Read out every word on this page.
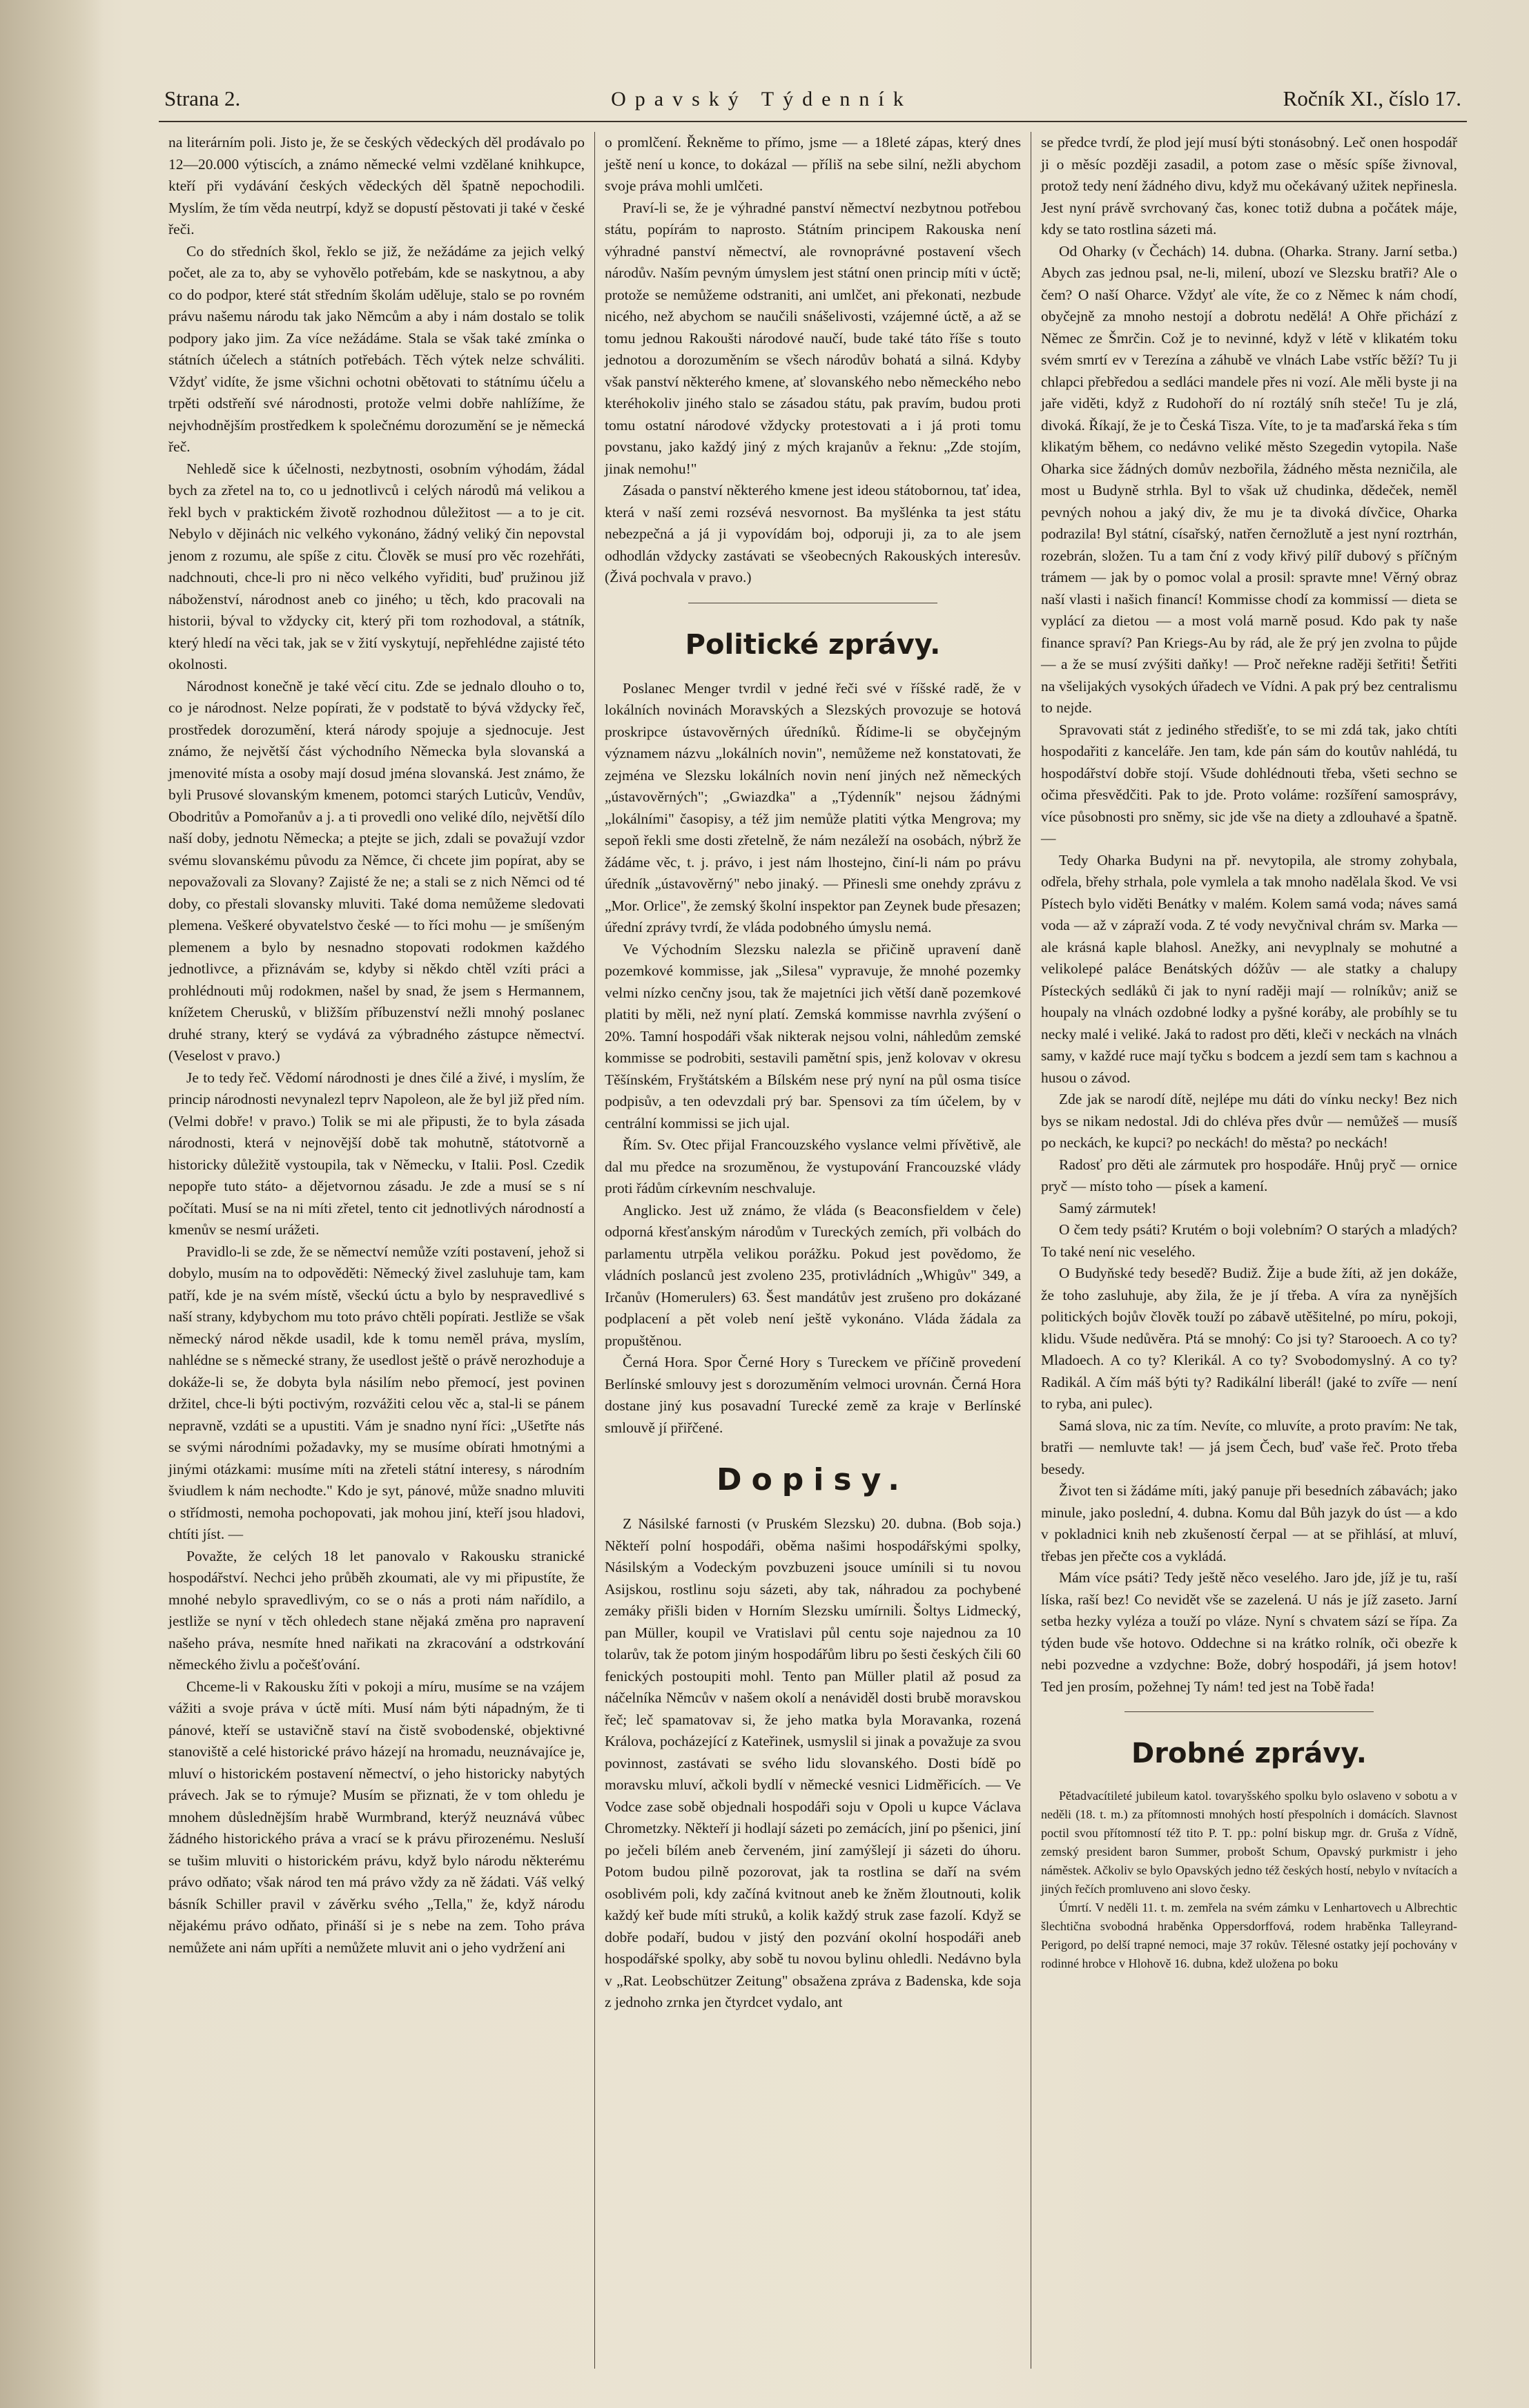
Strana 2.	Opavský Týdenník	Ročník XI., číslo 17.

na literárním poli. Jisto je, že se českých vědeckých děl prodávalo po 12—20.000 výtiscích, a známo německé velmi vzdělané knihkupce, kteří při vydávání českých vědeckých děl špatně nepochodili. Myslím, že tím věda neutrpí, když se dopustí pěstovati ji také v české řeči.

Co do středních škol, řeklo se již, že nežádáme za jejich velký počet, ale za to, aby se vyhovělo potřebám, kde se naskytnou, a aby co do podpor, které stát středním školám uděluje, stalo se po rovném právu našemu národu tak jako Němcům a aby i nám dostalo se tolik podpory jako jim. Za více nežádáme. Stala se však také zmínka o státních účelech a státních potřebách. Těch výtek nelze schváliti. Vždyť vidíte, že jsme všichni ochotni obětovati to státnímu účelu a trpěti odstřeňí své národnosti, protože velmi dobře nahlížíme, že nejvhodnějším prostředkem k společnému dorozumění se je německá řeč.

Nehledě sice k účelnosti, nezbytnosti, osobním výhodám, žádal bych za zřetel na to, co u jednotlivců i celých národů má velikou a řekl bych v praktickém životě rozhodnou důležitost — a to je cit. Nebylo v dějinách nic velkého vykonáno, žádný veliký čin nepovstal jenom z rozumu, ale spíše z citu. Člověk se musí pro věc rozehřáti, nadchnouti, chce-li pro ni něco velkého vyřiditi, buď pružinou již náboženství, národnost aneb co jiného; u těch, kdo pracovali na historii, býval to vždycky cit, který při tom rozhodoval, a státník, který hledí na věci tak, jak se v žití vyskytují, nepřehlédne zajisté této okolnosti.

Národnost konečně je také věcí citu. Zde se jednalo dlouho o to, co je národnost. Nelze popírati, že v podstatě to bývá vždycky řeč, prostředek dorozumění, která národy spojuje a sjednocuje. Jest známo, že největší část východního Německa byla slovanská a jmenovité místa a osoby mají dosud jména slovanská. Jest známo, že byli Prusové slovanským kmenem, potomci starých Luticův, Vendův, Obodritův a Pomořanův a j. a ti provedli ono veliké dílo, největší dílo naší doby, jednotu Německa; a ptejte se jich, zdali se považují vzdor svému slovanskému původu za Němce, či chcete jim popírat, aby se nepovažovali za Slovany? Zajisté že ne; a stali se z nich Němci od té doby, co přestali slovansky mluviti. Také doma nemůžeme sledovati plemena. Veškeré obyvatelstvo české — to říci mohu — je smíšeným plemenem a bylo by nesnadno stopovati rodokmen každého jednotlivce, a přiznávám se, kdyby si někdo chtěl vzíti práci a prohlédnouti můj rodokmen, našel by snad, že jsem s Hermannem, knížetem Cherusků, v bližším příbuzenství nežli mnohý poslanec druhé strany, který se vydává za výbradného zástupce němectví. (Veselost v pravo.)

Je to tedy řeč. Vědomí národnosti je dnes čilé a živé, i myslím, že princip národnosti nevynalezl teprv Napoleon, ale že byl již před ním. (Velmi dobře! v pravo.) Tolik se mi ale připusti, že to byla zásada národnosti, která v nejnovější době tak mohutně, státotvorně a historicky důležitě vystoupila, tak v Německu, v Italii. Posl. Czedik nepopře tuto státo- a dějetvornou zásadu. Je zde a musí se s ní počítati. Musí se na ni míti zřetel, tento cit jednotlivých národností a kmenův se nesmí urážeti.

Pravidlo-li se zde, že se němectví nemůže vzíti postavení, jehož si dobylo, musím na to odpověděti: Německý živel zasluhuje tam, kam patří, kde je na svém místě, všeckú úctu a bylo by nespravedlivé s naší strany, kdybychom mu toto právo chtěli popírati. Jestliže se však německý národ někde usadil, kde k tomu neměl práva, myslím, nahlédne se s německé strany, že usedlost ještě o právě nerozhoduje a dokáže-li se, že dobyta byla násilím nebo přemocí, jest povinen držitel, chce-li býti poctivým, rozvážiti celou věc a, stal-li se pánem nepravně, vzdáti se a upustiti. Vám je snadno nyní říci: „Ušetřte nás se svými národními požadavky, my se musíme obírati hmotnými a jinými otázkami: musíme míti na zřeteli státní interesy, s národním šviudlem k nám nechodte." Kdo je syt, pánové, může snadno mluviti o střídmosti, nemoha pochopovati, jak mohou jiní, kteří jsou hladovi, chtíti jíst. —

Považte, že celých 18 let panovalo v Rakousku stranické hospodářství. Nechci jeho průběh zkoumati, ale vy mi připustíte, že mnohé nebylo spravedlivým, co se o nás a proti nám nařídilo, a jestliže se nyní v těch ohledech stane nějaká změna pro napravení našeho práva, nesmíte hned nařikati na zkracování a odstrkování německého živlu a počešťování.

Chceme-li v Rakousku žíti v pokoji a míru, musíme se na vzájem vážiti a svoje práva v úctě míti. Musí nám býti nápadným, že ti pánové, kteří se ustavičně staví na čistě svobodenské, objektivné stanoviště a celé historické právo házejí na hromadu, neuznávajíce je, mluví o historickém postavení němectví, o jeho historicky nabytých právech. Jak se to rýmuje? Musím se přiznati, že v tom ohledu je mnohem důslednějším hrabě Wurmbrand, kterýž neuznává vůbec žádného historického práva a vrací se k právu přirozenému. Nesluší se tušim mluviti o historickém právu, když bylo národu některému právo odňato; však národ ten má právo vždy za ně žádati. Váš velký básník Schiller pravil v závěrku svého „Tella," že, když národu nějakému právo odňato, přináší si je s nebe na zem. Toho práva nemůžete ani nám upříti a nemůžete mluvit ani o jeho vydržení ani

o promlčení. Řekněme to přímo, jsme — a 18leté zápas, který dnes ještě není u konce, to dokázal — příliš na sebe silní, nežli abychom svoje práva mohli umlčeti.

Praví-li se, že je výhradné panství němectví nezbytnou potřebou státu, popírám to naprosto. Státním principem Rakouska není výhradné panství němectví, ale rovnoprávné postavení všech národův. Naším pevným úmyslem jest státní onen princip míti v úctě; protože se nemůžeme odstraniti, ani umlčet, ani překonati, nezbude nicého, než abychom se naučili snášelivosti, vzájemné úctě, a až se tomu jednou Rakoušti národové naučí, bude také táto říše s touto jednotou a dorozuměním se všech národův bohatá a silná. Kdyby však panství některého kmene, ať slovanského nebo německého nebo kteréhokoliv jiného stalo se zásadou státu, pak pravím, budou proti tomu ostatní národové vždycky protestovati a i já proti tomu povstanu, jako každý jiný z mých krajanův a řeknu: „Zde stojím, jinak nemohu!"

Zásada o panství některého kmene jest ideou státobornou, tať idea, která v naší zemi rozsévá nesvornost. Ba myšlénka ta jest státu nebezpečná a já ji vypovídám boj, odporuji ji, za to ale jsem odhodlán vždycky zastávati se všeobecných Rakouských interesův. (Živá pochvala v pravo.)

Politické zprávy.

Poslanec Menger tvrdil v jedné řeči své v říšské radě, že v lokálních novinách Moravských a Slezských provozuje se hotová proskripce ústavověrných úředníků. Řídime-li se obyčejným významem názvu „lokálních novin", nemůžeme než konstatovati, že zejména ve Slezsku lokálních novin není jiných než německých „ústavověrných"; „Gwiazdka" a „Týdenník" nejsou žádnými „lokálními" časopisy, a též jim nemůže platiti výtka Mengrova; my sepoň řekli sme dosti zřetelně, že nám nezáleží na osobách, nýbrž že žádáme věc, t. j. právo, i jest nám lhostejno, činí-li nám po právu úředník „ústavověrný" nebo jinaký. — Přinesli sme onehdy zprávu z „Mor. Orlice", že zemský školní inspektor pan Zeynek bude přesazen; úřední zprávy tvrdí, že vláda podobného úmyslu nemá.

Ve Východním Slezsku nalezla se přičině upravení daně pozemkové kommisse, jak „Silesa" vypravuje, že mnohé pozemky velmi nízko cenčny jsou, tak že majetníci jich větší daně pozemkové platiti by měli, než nyní platí. Zemská kommisse navrhla zvýšení o 20%. Tamní hospodáři však nikterak nejsou volni, náhledům zemské kommisse se podrobiti, sestavili pamětní spis, jenž kolovav v okresu Těšínském, Fryštátském a Bílském nese prý nyní na půl osma tisíce podpisův, a ten odevzdali prý bar. Spensovi za tím účelem, by v centrální kommissi se jich ujal.

Řím. Sv. Otec přijal Francouzského vyslance velmi přívětivě, ale dal mu předce na srozuměnou, že vystupování Francouzské vlády proti řádům církevním neschvaluje.

Anglicko. Jest už známo, že vláda (s Beaconsfieldem v čele) odporná křesťanským národům v Tureckých zemích, při volbách do parlamentu utrpěla velikou porážku. Pokud jest povědomo, že vládních poslanců jest zvoleno 235, protivládních „Whigův" 349, a Irčanův (Homerulers) 63. Šest mandátův jest zrušeno pro dokázané podplacení a pět voleb není ještě vykonáno. Vláda žádala za propuštěnou.

Černá Hora. Spor Černé Hory s Tureckem ve příčině provedení Berlínské smlouvy jest s dorozuměním velmoci urovnán. Černá Hora dostane jiný kus posavadní Turecké země za kraje v Berlínské smlouvě jí přiřčené.

Dopisy.

Z Násilské farnosti (v Pruském Slezsku) 20. dubna. (Bob soja.) Někteří polní hospodáři, oběma našimi hospodářskými spolky, Násilským a Vodeckým povzbuzeni jsouce umínili si tu novou Asijskou, rostlinu soju sázeti, aby tak, náhradou za pochybené zemáky přišli biden v Horním Slezsku umírnili. Šoltys Lidmecký, pan Müller, koupil ve Vratislavi půl centu soje najednou za 10 tolarův, tak že potom jiným hospodářům libru po šesti českých čili 60 fenických postoupiti mohl. Tento pan Müller platil až posud za náčelníka Němcův v našem okolí a nenáviděl dosti brubě moravskou řeč; leč spamatovav si, že jeho matka byla Moravanka, rozená Králova, pocházející z Kateřinek, usmyslil si jinak a považuje za svou povinnost, zastávati se svého lidu slovanského. Dosti bídě po moravsku mluví, ačkoli bydlí v německé vesnici Lidměřicích. — Ve Vodce zase sobě objednali hospodáři soju v Opoli u kupce Václava Chrometzky. Někteří ji hodlají sázeti po zemácích, jiní po pšenici, jiní po ječeli bílém aneb červeném, jiní zamýšlejí ji sázeti do úhoru. Potom budou pilně pozorovat, jak ta rostlina se daří na svém osoblivém poli, kdy začíná kvitnout aneb ke žněm žloutnouti, kolik každý keř bude míti struků, a kolik každý struk zase fazolí. Když se dobře podaří, budou v jistý den pozvání okolní hospodáři aneb hospodářské spolky, aby sobě tu novou bylinu ohledli. Nedávno byla v „Rat. Leobschützer Zeitung" obsažena zpráva z Badenska, kde soja z jednoho zrnka jen čtyrdcet vydalo, ant

se předce tvrdí, že plod její musí býti stonásobný. Leč onen hospodář ji o měsíc později zasadil, a potom zase o měsíc spíše živnoval, protož tedy není žádného divu, když mu očekávaný užitek nepřinesla. Jest nyní právě svrchovaný čas, konec totiž dubna a počátek máje, kdy se tato rostlina sázeti má.

Od Oharky (v Čechách) 14. dubna. (Oharka. Strany. Jarní setba.) Abych zas jednou psal, ne-li, milení, ubozí ve Slezsku bratři? Ale o čem? O naší Oharce. Vždyť ale víte, že co z Němec k nám chodí, obyčejně za mnoho nestojí a dobrotu nedělá! A Ohře přichází z Němec ze Šmrčin. Což je to nevinné, když v létě v klikatém toku svém smrtí ev v Terezína a záhubě ve vlnách Labe vstříc běží? Tu ji chlapci přebředou a sedláci mandele přes ni vozí. Ale měli byste ji na jaře viděti, když z Rudohoří do ní roztálý sníh steče! Tu je zlá, divoká. Říkají, že je to Česká Tisza. Víte, to je ta maďarská řeka s tím klikatým během, co nedávno veliké město Szegedin vytopila. Naše Oharka sice žádných domův nezbořila, žádného města nezničila, ale most u Budyně strhla. Byl to však už chudinka, dědeček, neměl pevných nohou a jaký div, že mu je ta divoká dívčice, Oharka podrazila! Byl státní, císařský, natřen černožlutě a jest nyní roztrhán, rozebrán, složen. Tu a tam ční z vody křivý pilíř dubový s příčným trámem — jak by o pomoc volal a prosil: spravte mne! Věrný obraz naší vlasti i našich financí! Kommisse chodí za kommissí — dieta se vyplácí za dietou — a most volá marně posud. Kdo pak ty naše finance spraví? Pan Kriegs-Au by rád, ale že prý jen zvolna to půjde — a že se musí zvýšiti daňky! — Proč neřekne raději šetřiti! Šetřiti na všelijakých vysokých úřadech ve Vídni. A pak prý bez centralismu to nejde.

Spravovati stát z jediného středišťe, to se mi zdá tak, jako chtíti hospodařiti z kanceláře. Jen tam, kde pán sám do koutův nahlédá, tu hospodářství dobře stojí. Všude dohlédnouti třeba, všeti sechno se očima přesvědčiti. Pak to jde. Proto voláme: rozšíření samosprávy, více působnosti pro sněmy, sic jde vše na diety a zdlouhavé a špatně. —

Tedy Oharka Budyni na př. nevytopila, ale stromy zohybala, odřela, břehy strhala, pole vymlela a tak mnoho nadělala škod. Ve vsi Pístech bylo viděti Benátky v malém. Kolem samá voda; náves samá voda — až v zápraží voda. Z té vody nevyčnival chrám sv. Marka — ale krásná kaple blahosl. Anežky, ani nevyplnaly se mohutné a velikolepé paláce Benátských dóžův — ale statky a chalupy Písteckých sedláků či jak to nyní raději mají — rolníkův; aniž se houpaly na vlnách ozdobné lodky a pyšné koráby, ale probíhly se tu necky malé i veliké. Jaká to radost pro děti, kleči v neckách na vlnách samy, v každé ruce mají tyčku s bodcem a jezdí sem tam s kachnou a husou o závod.

Zde jak se narodí dítě, nejlépe mu dáti do vínku necky! Bez nich bys se nikam nedostal. Jdi do chléva přes dvůr — nemůžeš — musíš po neckách, ke kupci? po neckách! do města? po neckách!

Radosť pro děti ale zármutek pro hospodáře. Hnůj pryč — ornice pryč — místo toho — písek a kamení.

Samý zármutek!

O čem tedy psáti? Krutém o boji volebním? O starých a mladých? To také není nic veselého.

O Budyňské tedy besedě? Budiž. Žije a bude žíti, až jen dokáže, že toho zasluhuje, aby žila, že je jí třeba. A víra za nynějších politických bojův člověk touží po zábavě utěšitelné, po míru, pokoji, klidu. Všude nedůvěra. Ptá se mnohý: Co jsi ty? Starooech. A co ty? Mladoech. A co ty? Klerikál. A co ty? Svobodomyslný. A co ty? Radikál. A čím máš býti ty? Radikální liberál! (jaké to zvíře — není to ryba, ani pulec).

Samá slova, nic za tím. Nevíte, co mluvíte, a proto pravím: Ne tak, bratři — nemluvte tak! — já jsem Čech, buď vaše řeč. Proto třeba besedy.

Život ten si žádáme míti, jaký panuje při besedních zábavách; jako minule, jako poslední, 4. dubna. Komu dal Bůh jazyk do úst — a kdo v pokladnici knih neb zkušeností čerpal — at se přihlásí, at mluví, třebas jen přečte cos a vykládá.

Mám více psáti? Tedy ještě něco veselého. Jaro jde, jíž je tu, raší líska, raší bez! Co nevidět vše se zazelená. U nás je jíž zaseto. Jarní setba hezky vyléza a touží po vláze. Nyní s chvatem sází se řípa. Za týden bude vše hotovo. Oddechne si na krátko rolník, oči obezře k nebi pozvedne a vzdychne: Bože, dobrý hospodáři, já jsem hotov! Ted jen prosím, požehnej Ty nám! ted jest na Tobě řada!

Drobné zprávy.

Pětadvacítileté jubileum katol. tovaryšského spolku bylo oslaveno v sobotu a v neděli (18. t. m.) za přítomnosti mnohých hostí přespolních i domácích. Slavnost poctil svou přítomností též tito P. T. pp.: polní biskup mgr. dr. Gruša z Vídně, zemský president baron Summer, probošt Schum, Opavský purkmistr i jeho náměstek. Ačkoliv se bylo Opavských jedno též českých hostí, nebylo v nvítacích a jiných řečích promluveno ani slovo česky.

Úmrtí. V neděli 11. t. m. zemřela na svém zámku v Lenhartovech u Albrechtic šlechtična svobodná hraběnka Oppersdorffová, rodem hraběnka Talleyrand-Perigord, po delší trapné nemoci, maje 37 rokův. Tělesné ostatky její pochovány v rodinné hrobce v Hlohově 16. dubna, kdež uložena po boku
